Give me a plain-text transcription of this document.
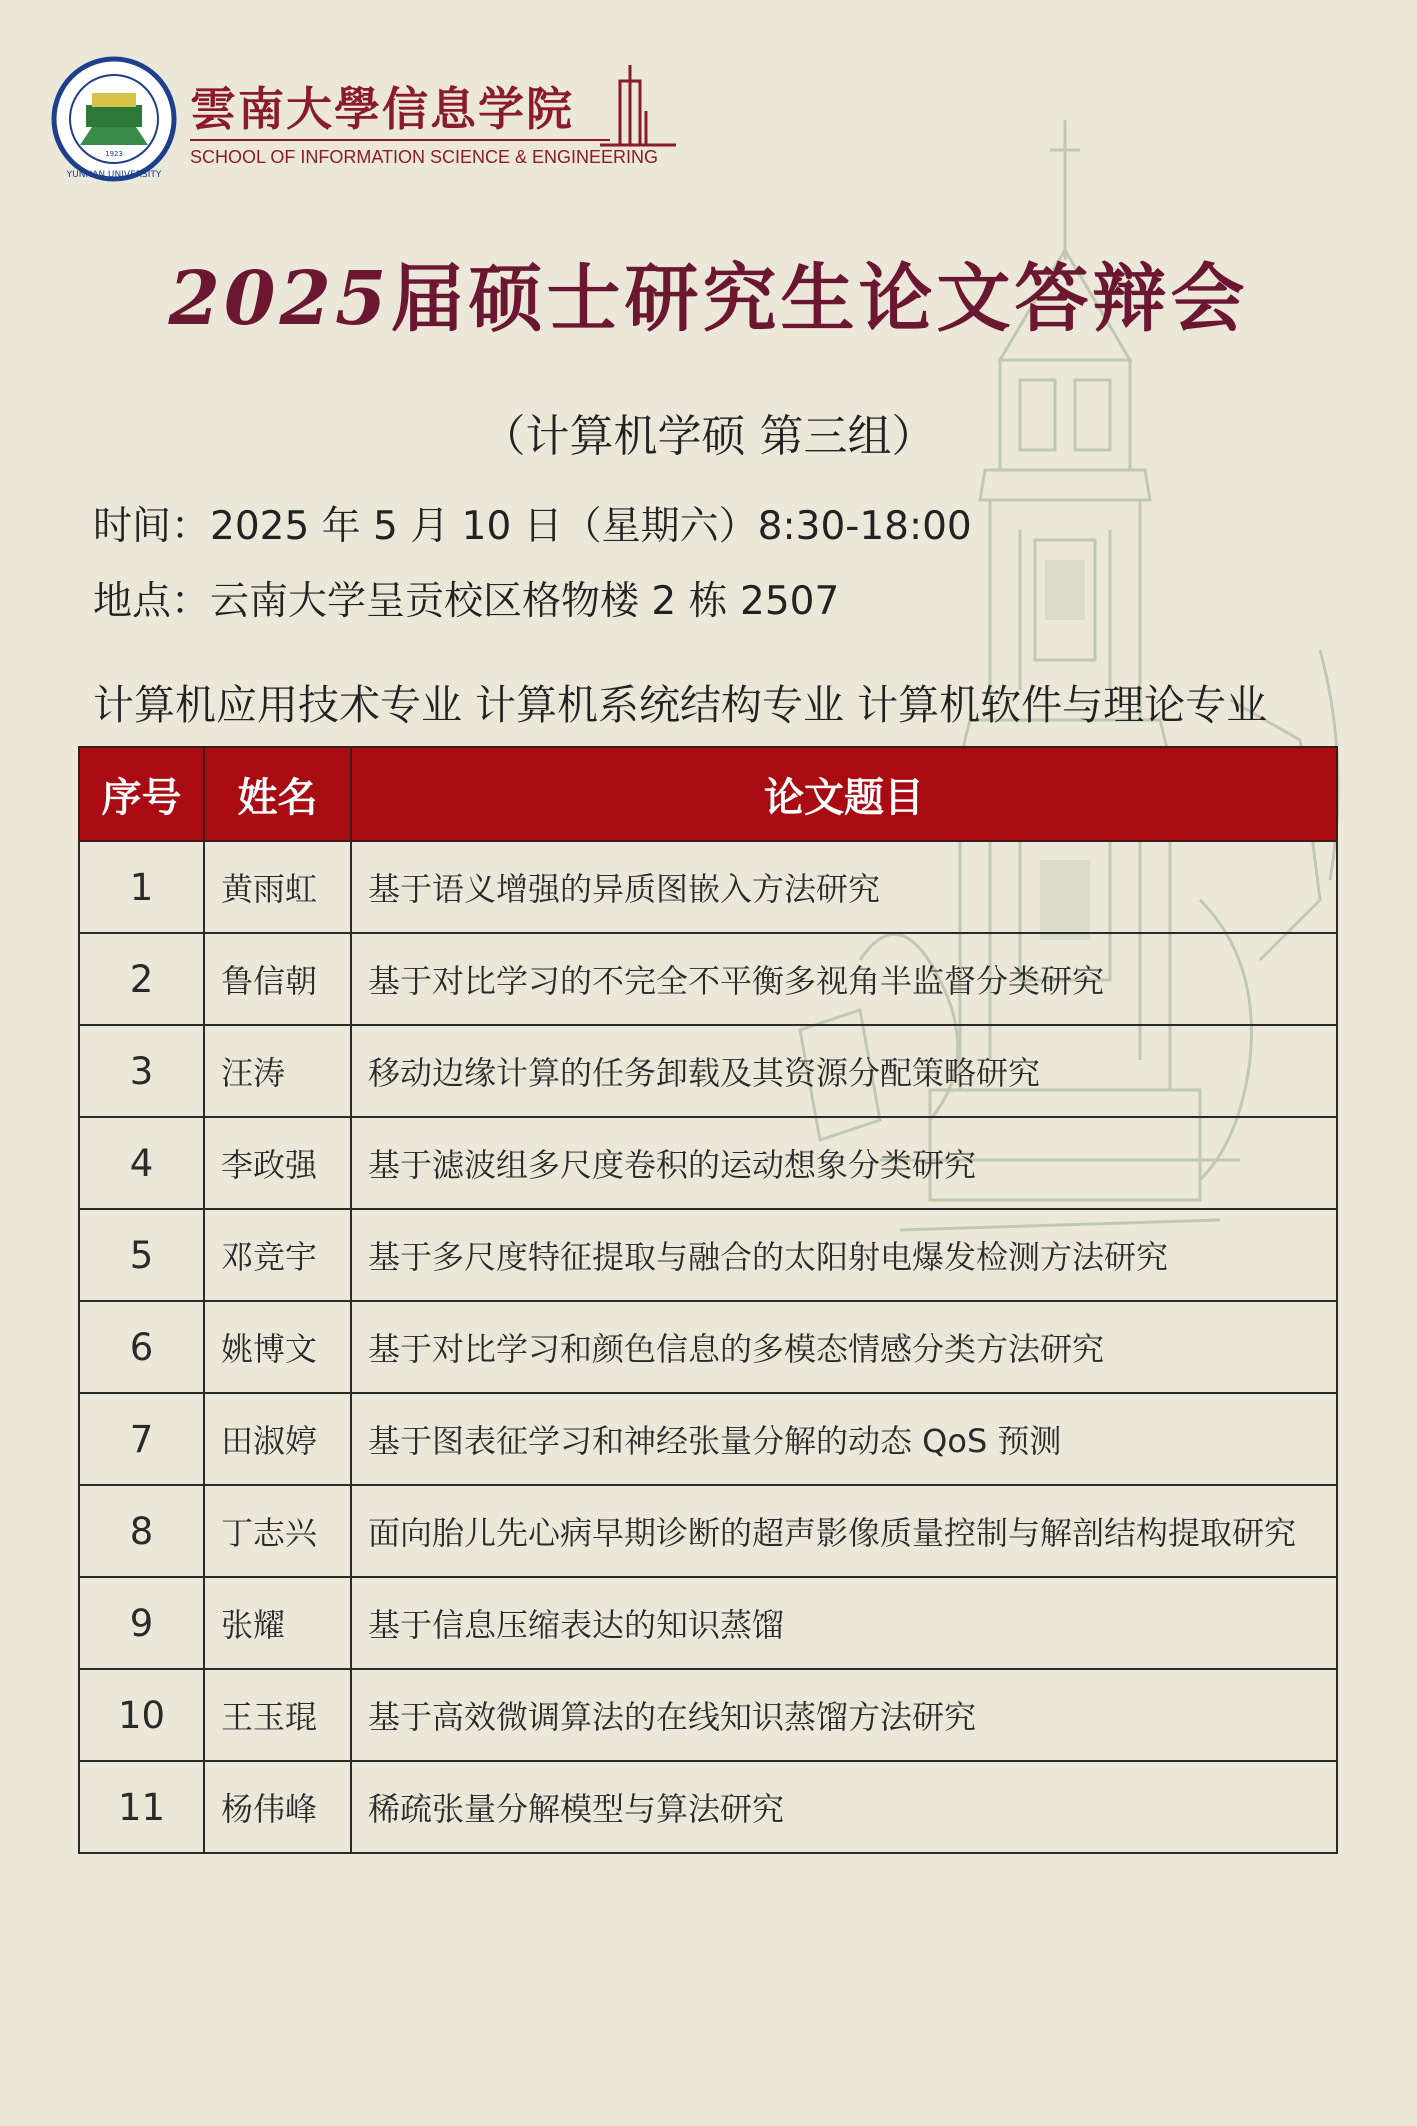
1923
YUNNAN UNIVERSITY
雲南大學信息学院
SCHOOL OF INFORMATION SCIENCE & ENGINEERING
2025届硕士研究生论文答辩会
（计算机学硕 第三组）
时间：2025 年 5 月 10 日（星期六）8:30-18:00
地点：云南大学呈贡校区格物楼 2 栋 2507
计算机应用技术专业 计算机系统结构专业 计算机软件与理论专业
序号	姓名	论文题目
1	黄雨虹	基于语义增强的异质图嵌入方法研究
2	鲁信朝	基于对比学习的不完全不平衡多视角半监督分类研究
3	汪涛	移动边缘计算的任务卸载及其资源分配策略研究
4	李政强	基于滤波组多尺度卷积的运动想象分类研究
5	邓竞宇	基于多尺度特征提取与融合的太阳射电爆发检测方法研究
6	姚博文	基于对比学习和颜色信息的多模态情感分类方法研究
7	田淑婷	基于图表征学习和神经张量分解的动态 QoS 预测
8	丁志兴	面向胎儿先心病早期诊断的超声影像质量控制与解剖结构提取研究
9	张耀	基于信息压缩表达的知识蒸馏
10	王玉琨	基于高效微调算法的在线知识蒸馏方法研究
11	杨伟峰	稀疏张量分解模型与算法研究
